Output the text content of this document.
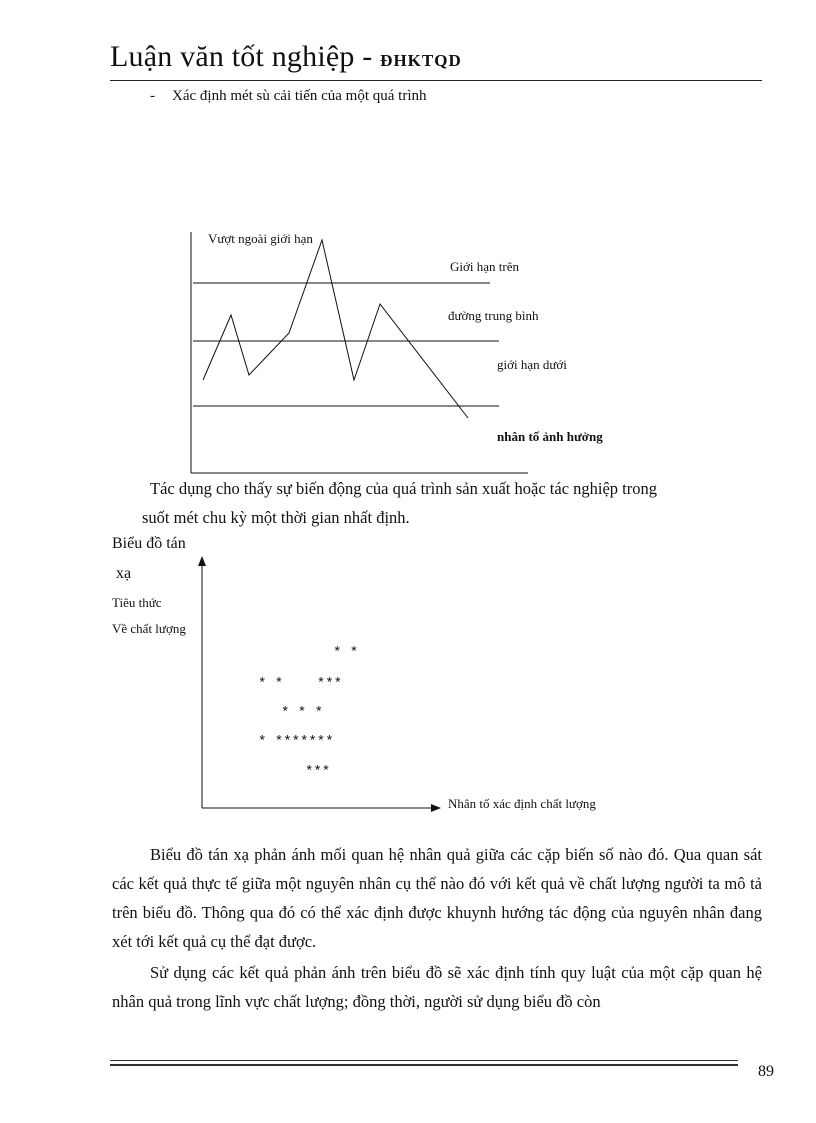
Luận văn tốt nghiệp - ĐHKTQD
- Xác định mét sù cải tiến của một quá trình
Vượt ngoài giới hạn
Giới hạn trên
đường trung bình
giới hạn dưới
nhân tố ảnh hưởng

Tác dụng cho thấy sự biến động của quá trình sản xuất hoặc tác nghiệp trong

suốt mét chu kỳ một thời gian nhất định.

Biểu đồ tán
xạ
Tiêu thức
Về chất lượng
* *
* *    ***
* * *
* *******
***
Nhân tố xác định chất lượng

Biểu đồ tán xạ phản ánh mối quan hệ nhân quả giữa các cặp biến số nào đó. Qua quan sát các kết quả thực tế giữa một nguyên nhân cụ thể nào đó với kết quả về chất lượng người ta mô tả trên biểu đồ. Thông qua đó có thể xác định được khuynh hướng tác động của nguyên nhân đang xét tới kết quả cụ thể đạt được.

Sử dụng các kết quả phản ánh trên biểu đồ sẽ xác định tính quy luật của một cặp quan hệ nhân quả trong lĩnh vực chất lượng; đồng thời, người sử dụng biểu đồ còn

89
